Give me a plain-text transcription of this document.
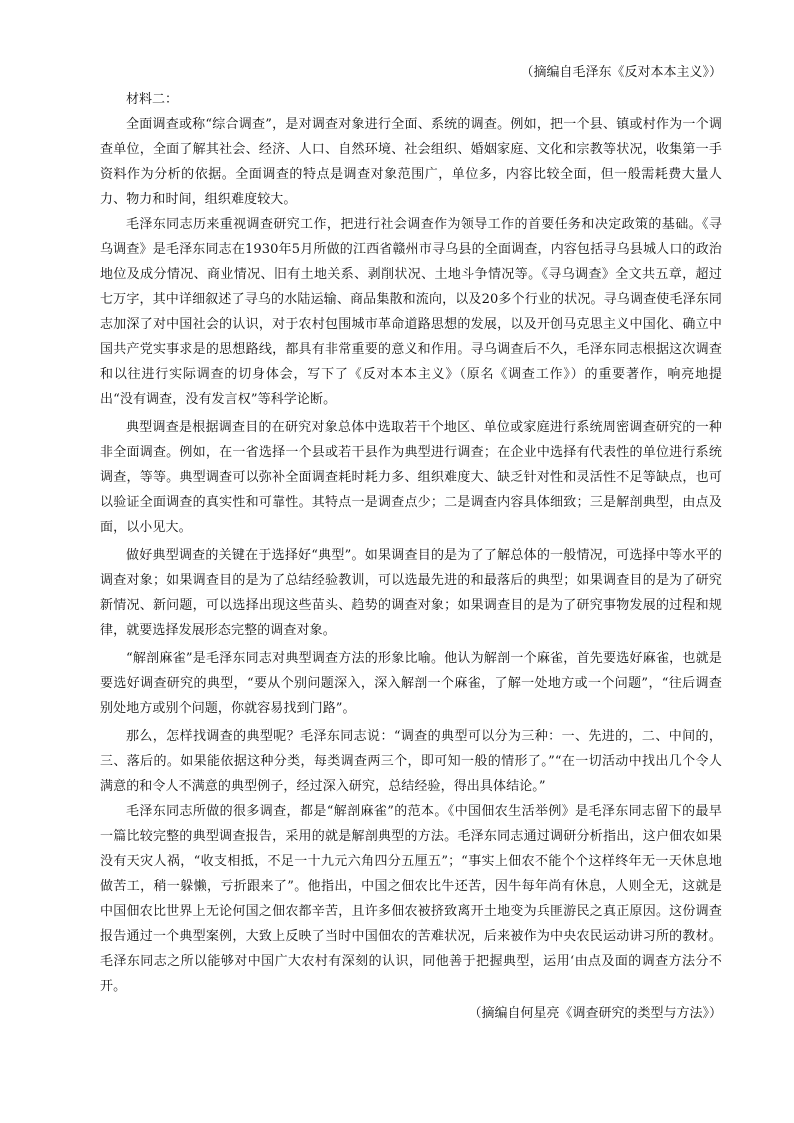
（摘编自毛泽东《反对本本主义》）

材料二：

全面调查或称“综合调查”，是对调查对象进行全面、系统的调查。例如，把一个县、镇或村作为一个调查单位，全面了解其社会、经济、人口、自然环境、社会组织、婚姻家庭、文化和宗教等状况，收集第一手资料作为分析的依据。全面调查的特点是调查对象范围广，单位多，内容比较全面，但一般需耗费大量人力、物力和时间，组织难度较大。

毛泽东同志历来重视调查研究工作，把进行社会调查作为领导工作的首要任务和决定政策的基础。《寻乌调查》是毛泽东同志在1930年5月所做的江西省赣州市寻乌县的全面调查，内容包括寻乌县城人口的政治地位及成分情况、商业情况、旧有土地关系、剥削状况、土地斗争情况等。《寻乌调查》全文共五章，超过七万字，其中详细叙述了寻乌的水陆运输、商品集散和流向，以及20多个行业的状况。寻乌调查使毛泽东同志加深了对中国社会的认识，对于农村包围城市革命道路思想的发展，以及开创马克思主义中国化、确立中国共产党实事求是的思想路线，都具有非常重要的意义和作用。寻乌调查后不久，毛泽东同志根据这次调查和以往进行实际调查的切身体会，写下了《反对本本主义》（原名《调查工作》）的重要著作，响亮地提出“没有调查，没有发言权”等科学论断。

典型调查是根据调查目的在研究对象总体中选取若干个地区、单位或家庭进行系统周密调查研究的一种非全面调查。例如，在一省选择一个县或若干县作为典型进行调查；在企业中选择有代表性的单位进行系统调查，等等。典型调查可以弥补全面调查耗时耗力多、组织难度大、缺乏针对性和灵活性不足等缺点，也可以验证全面调查的真实性和可靠性。其特点一是调查点少；二是调查内容具体细致；三是解剖典型，由点及面，以小见大。

做好典型调查的关键在于选择好“典型”。如果调查目的是为了了解总体的一般情况，可选择中等水平的调查对象；如果调查目的是为了总结经验教训，可以选最先进的和最落后的典型；如果调查目的是为了研究新情况、新问题，可以选择出现这些苗头、趋势的调查对象；如果调查目的是为了研究事物发展的过程和规律，就要选择发展形态完整的调查对象。

“解剖麻雀”是毛泽东同志对典型调查方法的形象比喻。他认为解剖一个麻雀，首先要选好麻雀，也就是要选好调查研究的典型，“要从个别问题深入，深入解剖一个麻雀，了解一处地方或一个问题”，“往后调查别处地方或别个问题，你就容易找到门路”。

那么，怎样找调查的典型呢？毛泽东同志说：“调查的典型可以分为三种：一、先进的，二、中间的，三、落后的。如果能依据这种分类，每类调查两三个，即可知一般的情形了。”“在一切活动中找出几个令人满意的和令人不满意的典型例子，经过深入研究，总结经验，得出具体结论。”

毛泽东同志所做的很多调查，都是“解剖麻雀”的范本。《中国佃农生活举例》是毛泽东同志留下的最早一篇比较完整的典型调查报告，采用的就是解剖典型的方法。毛泽东同志通过调研分析指出，这户佃农如果没有天灾人祸，“收支相抵，不足一十九元六角四分五厘五”；“事实上佃农不能个个这样终年无一天休息地做苦工，稍一躲懒，亏折跟来了”。他指出，中国之佃农比牛还苦，因牛每年尚有休息，人则全无，这就是中国佃农比世界上无论何国之佃农都辛苦，且许多佃农被挤致离开土地变为兵匪游民之真正原因。这份调查报告通过一个典型案例，大致上反映了当时中国佃农的苦难状况，后来被作为中央农民运动讲习所的教材。毛泽东同志之所以能够对中国广大农村有深刻的认识，同他善于把握典型，运用‘由点及面的调查方法分不开。

（摘编自何星亮《调查研究的类型与方法》）
